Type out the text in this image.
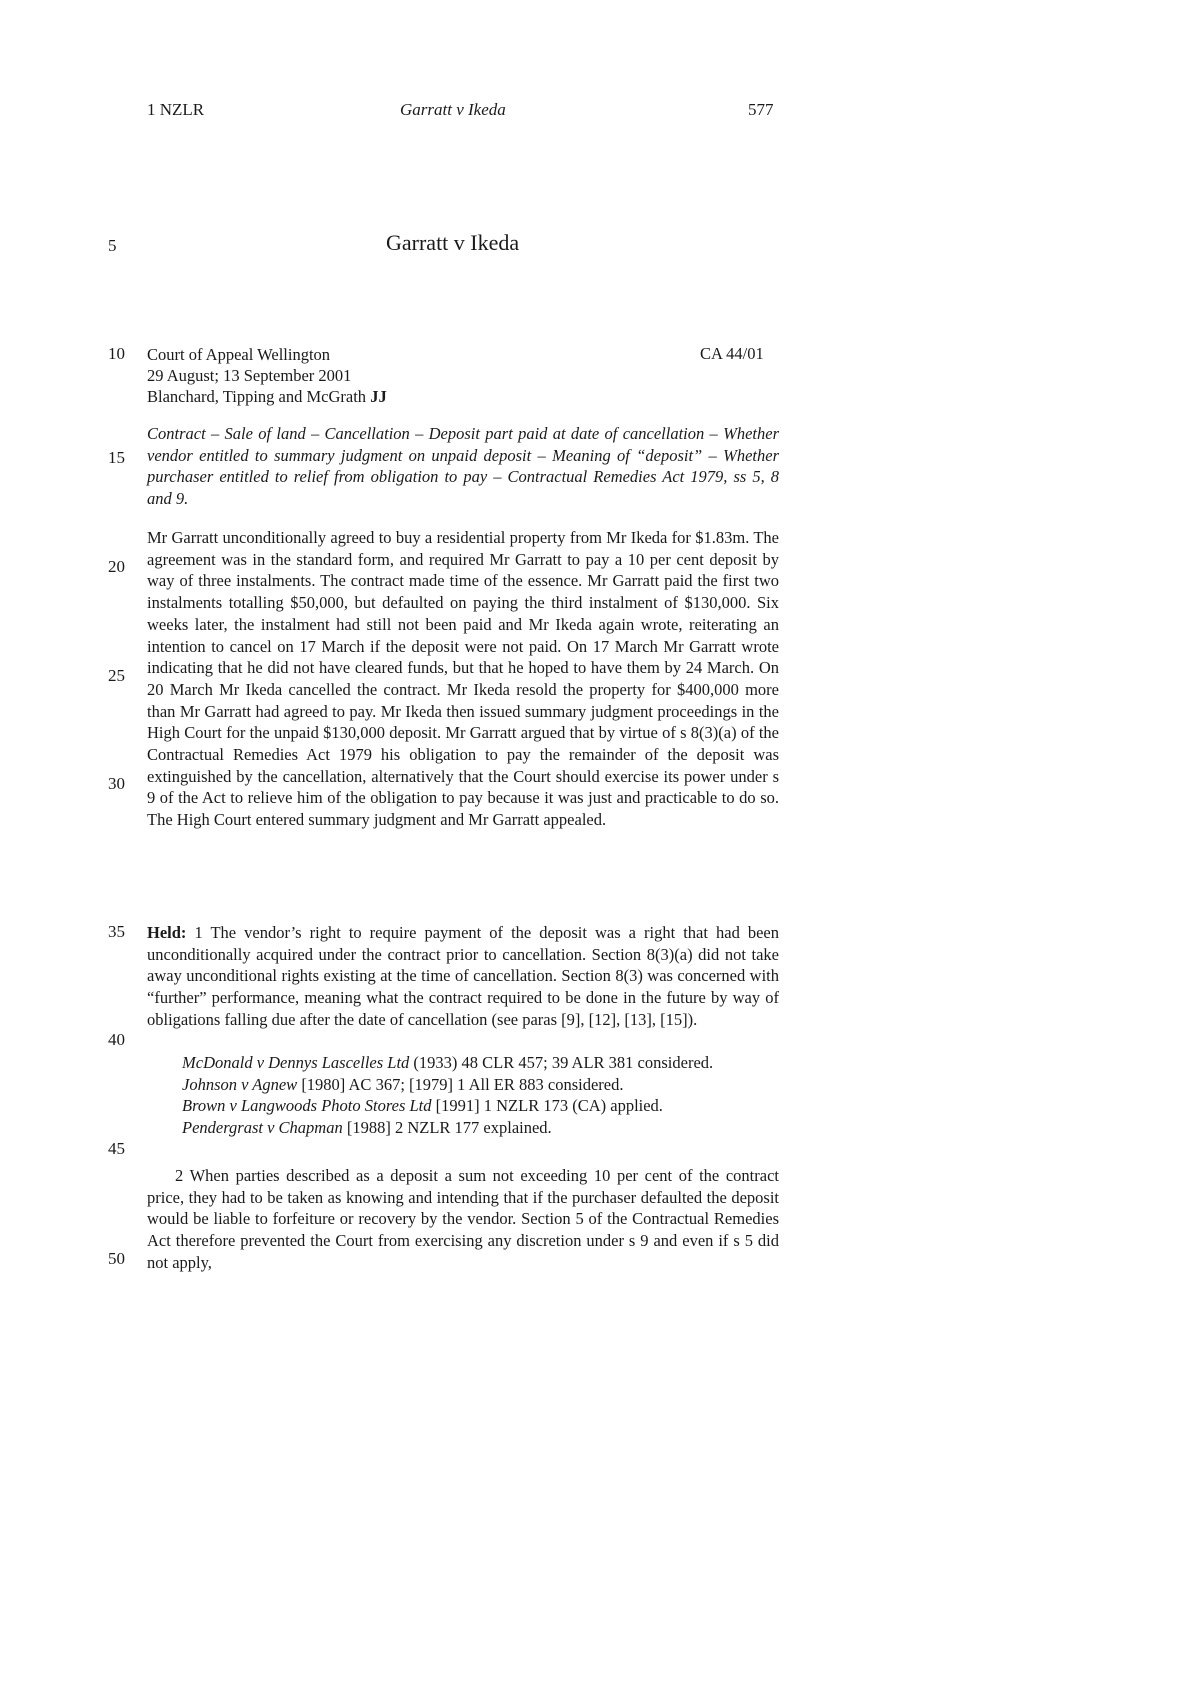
1 NZLR	Garratt v Ikeda	577
Garratt v Ikeda
5
10
15
20
25
30
35
40
45
50
Court of Appeal Wellington	CA 44/01
29 August; 13 September 2001
Blanchard, Tipping and McGrath JJ

Contract – Sale of land – Cancellation – Deposit part paid at date of cancellation – Whether vendor entitled to summary judgment on unpaid deposit – Meaning of “deposit” – Whether purchaser entitled to relief from obligation to pay – Contractual Remedies Act 1979, ss 5, 8 and 9.

Mr Garratt unconditionally agreed to buy a residential property from Mr Ikeda for $1.83m. The agreement was in the standard form, and required Mr Garratt to pay a 10 per cent deposit by way of three instalments. The contract made time of the essence. Mr Garratt paid the first two instalments totalling $50,000, but defaulted on paying the third instalment of $130,000. Six weeks later, the instalment had still not been paid and Mr Ikeda again wrote, reiterating an intention to cancel on 17 March if the deposit were not paid. On 17 March Mr Garratt wrote indicating that he did not have cleared funds, but that he hoped to have them by 24 March. On 20 March Mr Ikeda cancelled the contract. Mr Ikeda resold the property for $400,000 more than Mr Garratt had agreed to pay. Mr Ikeda then issued summary judgment proceedings in the High Court for the unpaid $130,000 deposit. Mr Garratt argued that by virtue of s 8(3)(a) of the Contractual Remedies Act 1979 his obligation to pay the remainder of the deposit was extinguished by the cancellation, alternatively that the Court should exercise its power under s 9 of the Act to relieve him of the obligation to pay because it was just and practicable to do so. The High Court entered summary judgment and Mr Garratt appealed.

Held: 1 The vendor’s right to require payment of the deposit was a right that had been unconditionally acquired under the contract prior to cancellation. Section 8(3)(a) did not take away unconditional rights existing at the time of cancellation. Section 8(3) was concerned with “further” performance, meaning what the contract required to be done in the future by way of obligations falling due after the date of cancellation (see paras [9], [12], [13], [15]).

McDonald v Dennys Lascelles Ltd (1933) 48 CLR 457; 39 ALR 381 considered.

Johnson v Agnew [1980] AC 367; [1979] 1 All ER 883 considered.

Brown v Langwoods Photo Stores Ltd [1991] 1 NZLR 173 (CA) applied.

Pendergrast v Chapman [1988] 2 NZLR 177 explained.

2 When parties described as a deposit a sum not exceeding 10 per cent of the contract price, they had to be taken as knowing and intending that if the purchaser defaulted the deposit would be liable to forfeiture or recovery by the vendor. Section 5 of the Contractual Remedies Act therefore prevented the Court from exercising any discretion under s 9 and even if s 5 did not apply,
